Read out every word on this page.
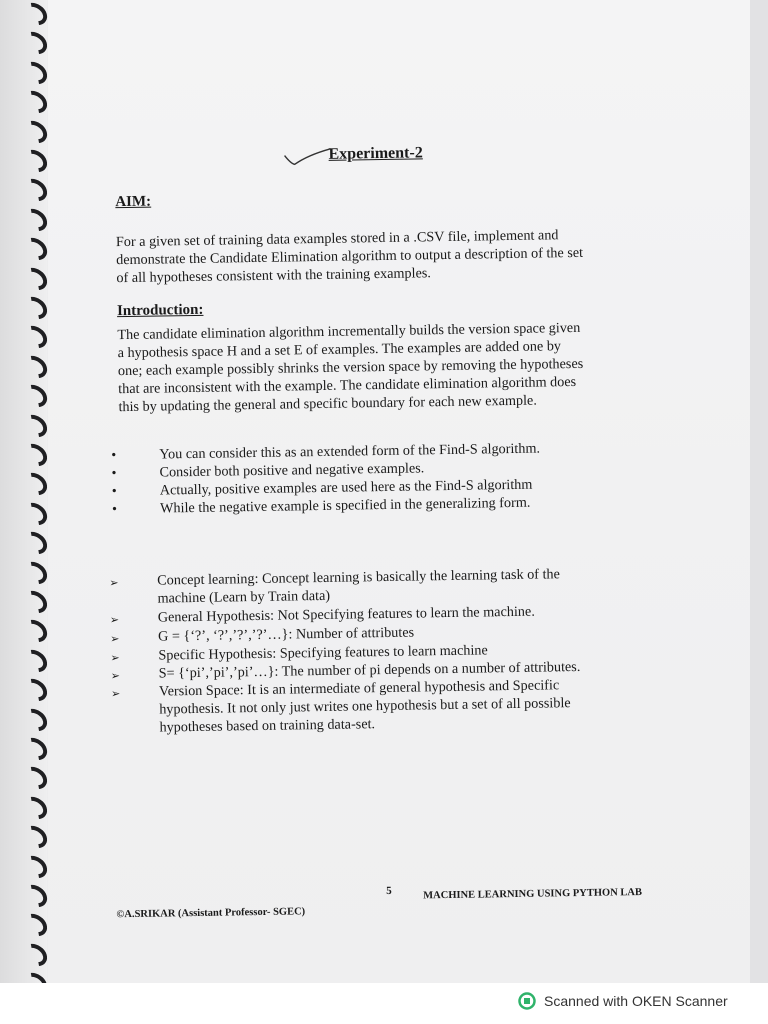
Experiment-2
AIM:
For a given set of training data examples stored in a .CSV file, implement and
demonstrate the Candidate Elimination algorithm to output a description of the set
of all hypotheses consistent with the training examples.
Introduction:
The candidate elimination algorithm incrementally builds the version space given
a hypothesis space H and a set E of examples. The examples are added one by
one; each example possibly shrinks the version space by removing the hypotheses
that are inconsistent with the example. The candidate elimination algorithm does
this by updating the general and specific boundary for each new example.
•	You can consider this as an extended form of the Find-S algorithm.
•	Consider both positive and negative examples.
•	Actually, positive examples are used here as the Find-S algorithm
•	While the negative example is specified in the generalizing form.
➢	Concept learning: Concept learning is basically the learning task of the
machine (Learn by Train data)
➢	General Hypothesis: Not Specifying features to learn the machine.
➢	G = {‘?’, ‘?’,’?’,’?’…}: Number of attributes
➢	Specific Hypothesis: Specifying features to learn machine
➢	S= {‘pi’,’pi’,’pi’…}: The number of pi depends on a number of attributes.
➢	Version Space: It is an intermediate of general hypothesis and Specific
hypothesis. It not only just writes one hypothesis but a set of all possible
hypotheses based on training data-set.
©A.SRIKAR (Assistant Professor- SGEC)
5	MACHINE LEARNING USING PYTHON LAB
Scanned with OKEN Scanner
